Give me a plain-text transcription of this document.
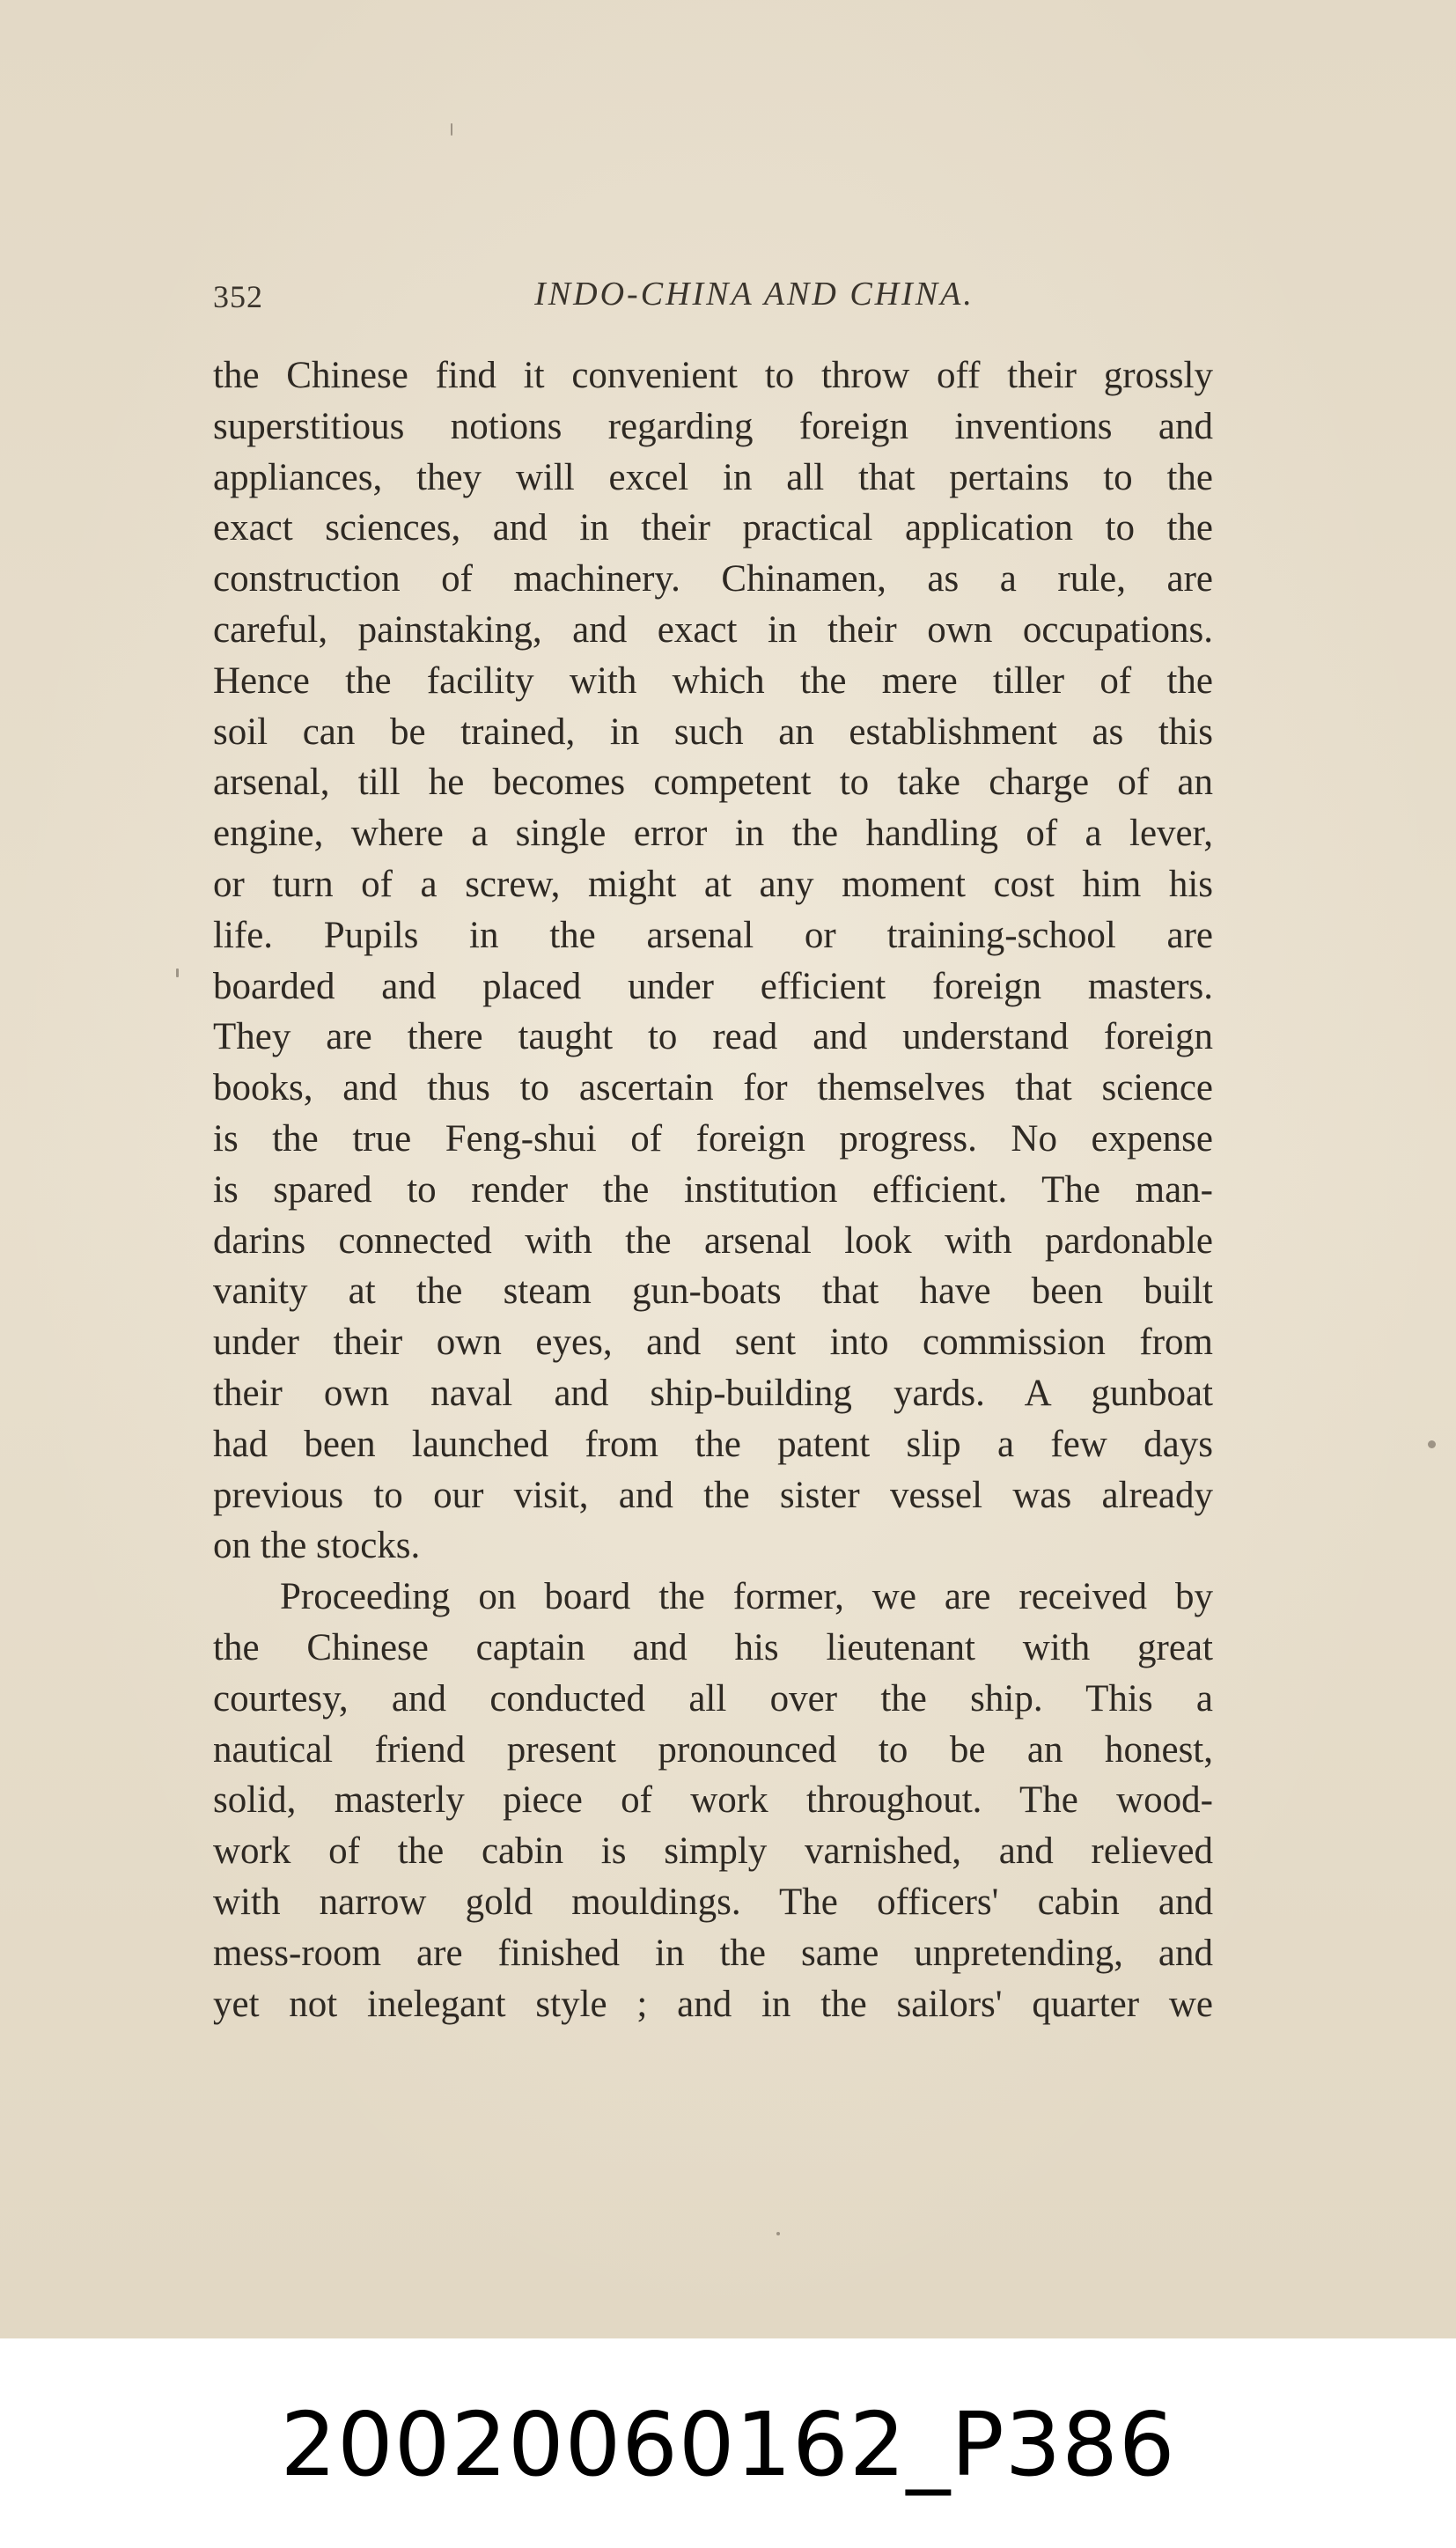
352	INDO-CHINA AND CHINA.

the Chinese find it convenient to throw off their grossly
superstitious notions regarding foreign inventions and
appliances, they will excel in all that pertains to the
exact sciences, and in their practical application to the
construction of machinery. Chinamen, as a rule, are
careful, painstaking, and exact in their own occupations.
Hence the facility with which the mere tiller of the
soil can be trained, in such an establishment as this
arsenal, till he becomes competent to take charge of an
engine, where a single error in the handling of a lever,
or turn of a screw, might at any moment cost him his
life. Pupils in the arsenal or training-school are
boarded and placed under efficient foreign masters.
They are there taught to read and understand foreign
books, and thus to ascertain for themselves that science
is the true Feng-shui of foreign progress. No expense
is spared to render the institution efficient. The man-
darins connected with the arsenal look with pardonable
vanity at the steam gun-boats that have been built
under their own eyes, and sent into commission from
their own naval and ship-building yards. A gunboat
had been launched from the patent slip a few days
previous to our visit, and the sister vessel was already
on the stocks.

Proceeding on board the former, we are received by
the Chinese captain and his lieutenant with great
courtesy, and conducted all over the ship. This a
nautical friend present pronounced to be an honest,
solid, masterly piece of work throughout. The wood-
work of the cabin is simply varnished, and relieved
with narrow gold mouldings. The officers' cabin and
mess-room are finished in the same unpretending, and
yet not inelegant style ; and in the sailors' quarter we

20020060162_P386
